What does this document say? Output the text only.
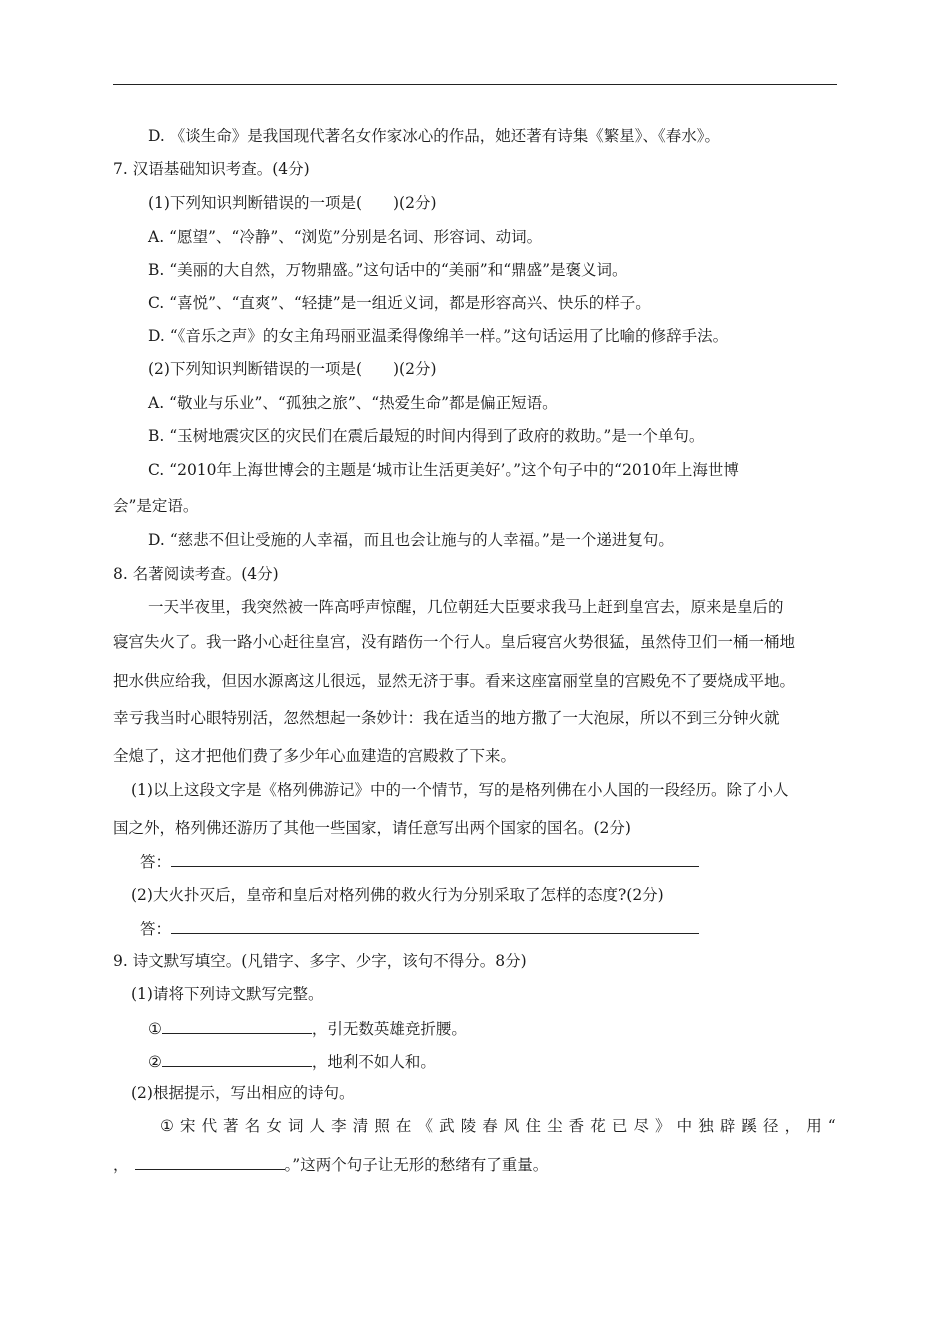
D. 《谈生命》是我国现代著名女作家冰心的作品，她还著有诗集《繁星》、《春水》。
7. 汉语基础知识考查。(4分)
(1)下列知识判断错误的一项是(　　)(2分)
A. “愿望”、“冷静”、“浏览”分别是名词、形容词、动词。
B. “美丽的大自然，万物鼎盛。”这句话中的“美丽”和“鼎盛”是褒义词。
C. “喜悦”、“直爽”、“轻捷”是一组近义词，都是形容高兴、快乐的样子。
D. “《音乐之声》的女主角玛丽亚温柔得像绵羊一样。”这句话运用了比喻的修辞手法。
(2)下列知识判断错误的一项是(　　)(2分)
A. “敬业与乐业”、“孤独之旅”、“热爱生命”都是偏正短语。
B. “玉树地震灾区的灾民们在震后最短的时间内得到了政府的救助。”是一个单句。
C. “2010年上海世博会的主题是‘城市让生活更美好’。”这个句子中的“2010年上海世博
会”是定语。
D. “慈悲不但让受施的人幸福，而且也会让施与的人幸福。”是一个递进复句。
8. 名著阅读考查。(4分)
一天半夜里，我突然被一阵高呼声惊醒，几位朝廷大臣要求我马上赶到皇宫去，原来是皇后的
寝宫失火了。我一路小心赶往皇宫，没有踏伤一个行人。皇后寝宫火势很猛，虽然侍卫们一桶一桶地
把水供应给我，但因水源离这儿很远，显然无济于事。看来这座富丽堂皇的宫殿免不了要烧成平地。
幸亏我当时心眼特别活，忽然想起一条妙计：我在适当的地方撒了一大泡尿，所以不到三分钟火就
全熄了，这才把他们费了多少年心血建造的宫殿救了下来。
(1)以上这段文字是《格列佛游记》中的一个情节，写的是格列佛在小人国的一段经历。除了小人
国之外，格列佛还游历了其他一些国家，请任意写出两个国家的国名。(2分)
答：
(2)大火扑灭后，皇帝和皇后对格列佛的救火行为分别采取了怎样的态度?(2分)
答：
9. 诗文默写填空。(凡错字、多字、少字，该句不得分。8分)
(1)请将下列诗文默写完整。
①	，引无数英雄竞折腰。
②	，地利不如人和。
(2)根据提示，写出相应的诗句。
① 宋 代 著 名 女 词 人 李 清 照 在 《 武 陵 春 风 住 尘 香 花 已 尽 》 中 独 辟 蹊 径 ， 用 “
，	。”这两个句子让无形的愁绪有了重量。
